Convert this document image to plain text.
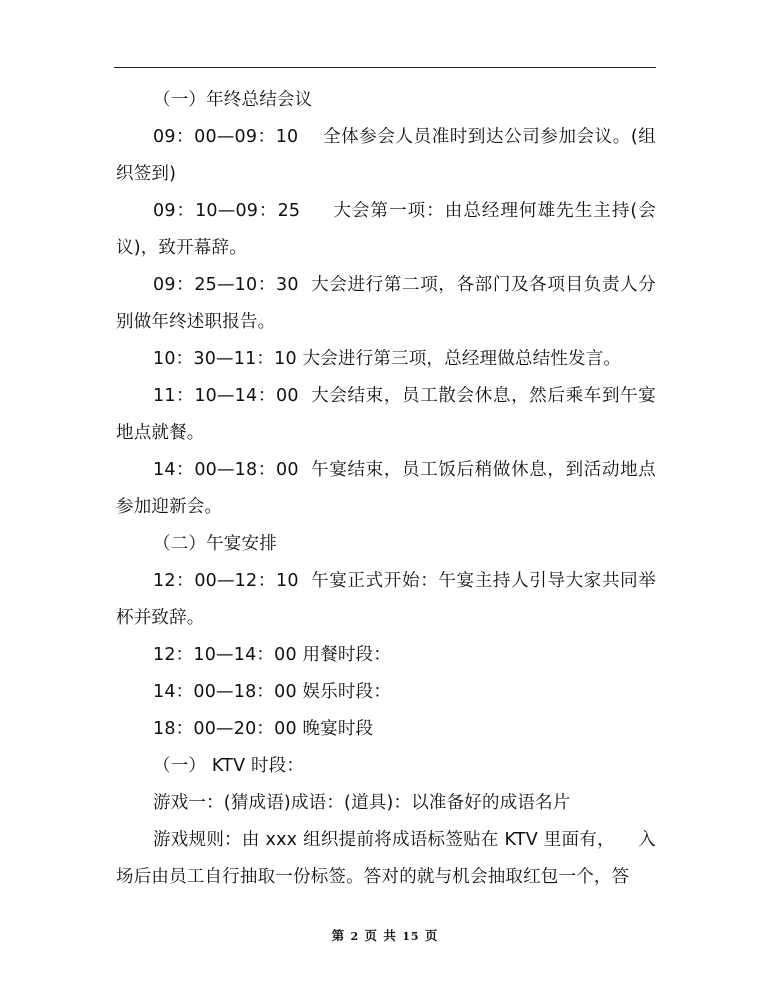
（一）年终总结会议

09：00—09：10    全体参会人员准时到达公司参加会议。(组织签到)

09：10—09：25     大会第一项：由总经理何雄先生主持(会议)，致开幕辞。

09：25—10：30  大会进行第二项，各部门及各项目负责人分别做年终述职报告。

10：30—11：10 大会进行第三项，总经理做总结性发言。

11：10—14：00  大会结束，员工散会休息，然后乘车到午宴地点就餐。

14：00—18：00  午宴结束，员工饭后稍做休息，到活动地点参加迎新会。

（二）午宴安排

12：00—12：10  午宴正式开始：午宴主持人引导大家共同举杯并致辞。

12：10—14：00 用餐时段：

14：00—18：00 娱乐时段：

18：00—20：00 晚宴时段

（一） KTV 时段：

游戏一：(猜成语)成语：(道具)：以准备好的成语名片

游戏规则：由 xxx 组织提前将成语标签贴在 KTV 里面有，    入场后由员工自行抽取一份标签。答对的就与机会抽取红包一个，答

第 2 页 共 15 页
